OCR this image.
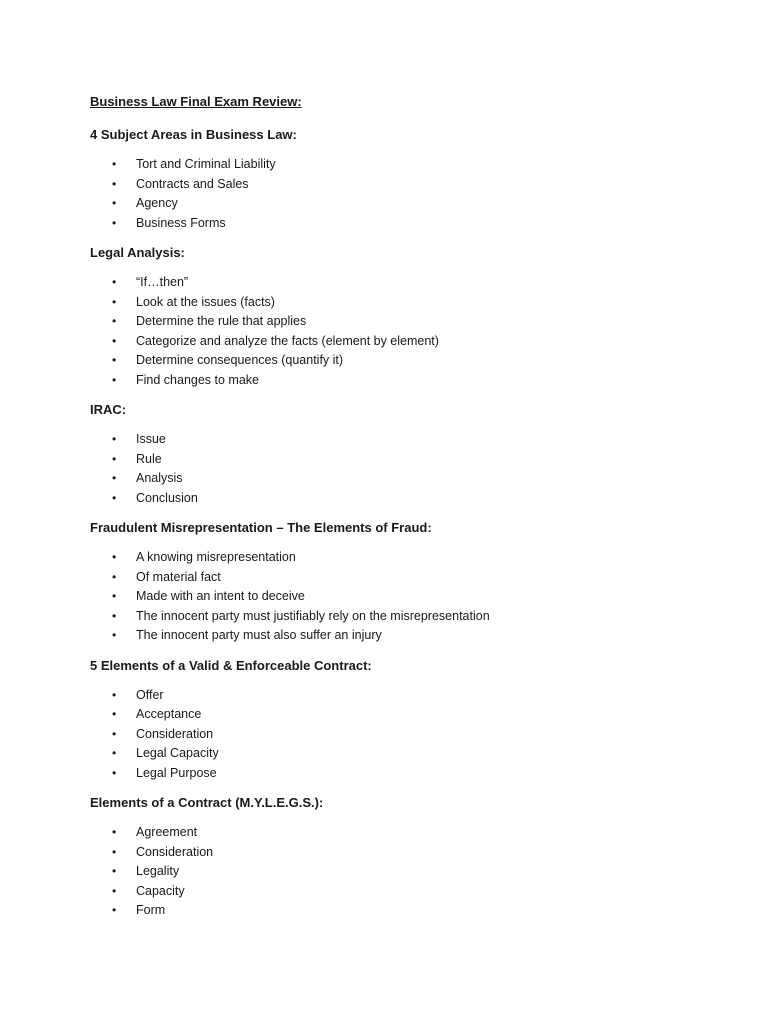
Business Law Final Exam Review:
4 Subject Areas in Business Law:
• Tort and Criminal Liability
• Contracts and Sales
• Agency
• Business Forms
Legal Analysis:
• “If…then”
• Look at the issues (facts)
• Determine the rule that applies
• Categorize and analyze the facts (element by element)
• Determine consequences (quantify it)
• Find changes to make
IRAC:
• Issue
• Rule
• Analysis
• Conclusion
Fraudulent Misrepresentation – The Elements of Fraud:
• A knowing misrepresentation
• Of material fact
• Made with an intent to deceive
• The innocent party must justifiably rely on the misrepresentation
• The innocent party must also suffer an injury
5 Elements of a Valid & Enforceable Contract:
• Offer
• Acceptance
• Consideration
• Legal Capacity
• Legal Purpose
Elements of a Contract (M.Y.L.E.G.S.):
• Agreement
• Consideration
• Legality
• Capacity
• Form
